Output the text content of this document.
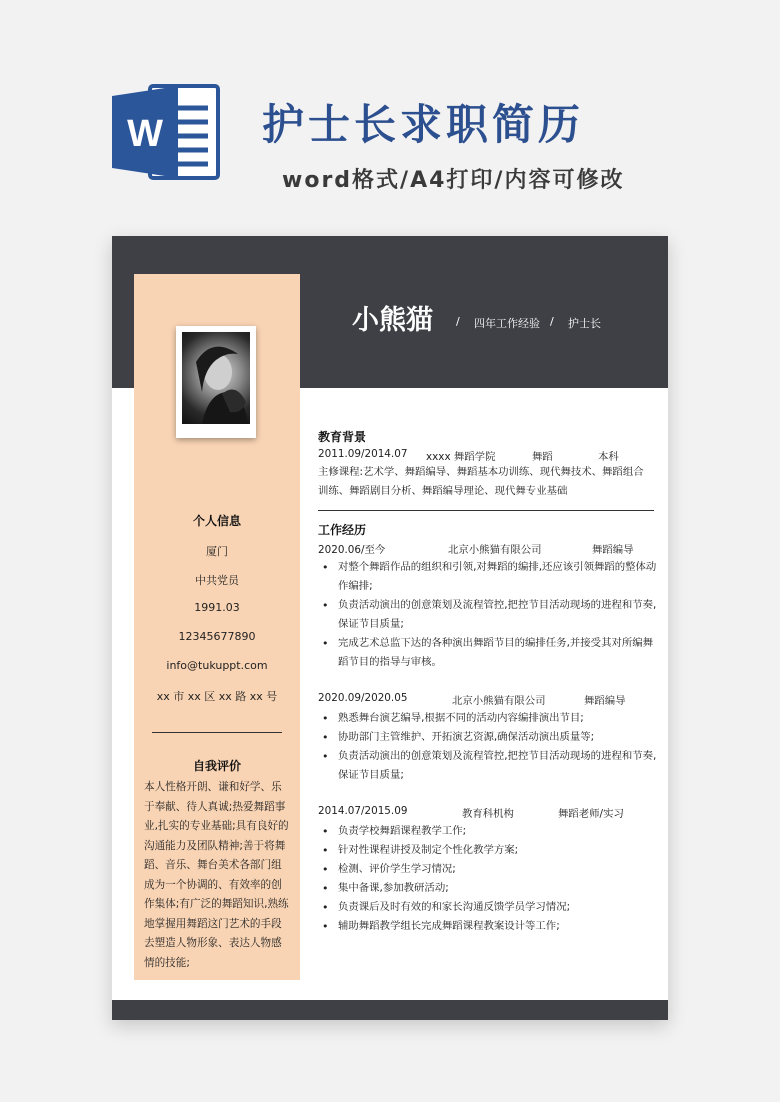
W 护士长求职简历
word格式/A4打印/内容可修改
小熊猫 / 四年工作经验 / 护士长
个人信息
厦门
中共党员
1991.03
12345677890
info@tukuppt.com
xx 市 xx 区 xx 路 xx 号
自我评价
本人性格开朗、谦和好学、乐于奉献、待人真诚;热爱舞蹈事业,扎实的专业基础;具有良好的沟通能力及团队精神;善于将舞蹈、音乐、舞台美术各部门组成为一个协调的、有效率的创作集体;有广泛的舞蹈知识,熟练地掌握用舞蹈这门艺术的手段去塑造人物形象、表达人物感情的技能;
教育背景
2011.09/2014.07 xxxx 舞蹈学院	舞蹈	本科
主修课程:艺术学、舞蹈编导、舞蹈基本功训练、现代舞技术、舞蹈组合训练、舞蹈剧目分析、舞蹈编导理论、现代舞专业基础
工作经历
2020.06/至今	北京小熊猫有限公司	舞蹈编导
• 对整个舞蹈作品的组织和引领,对舞蹈的编排,还应该引领舞蹈的整体动作编排;
• 负责活动演出的创意策划及流程管控,把控节目活动现场的进程和节奏,保证节目质量;
• 完成艺术总监下达的各种演出舞蹈节目的编排任务,并接受其对所编舞蹈节目的指导与审核。
2020.09/2020.05	北京小熊猫有限公司	舞蹈编导
• 熟悉舞台演艺编导,根据不同的活动内容编排演出节目;
• 协助部门主管维护、开拓演艺资源,确保活动演出质量等;
• 负责活动演出的创意策划及流程管控,把控节目活动现场的进程和节奏,保证节目质量;
2014.07/2015.09	教育科机构	舞蹈老师/实习
• 负责学校舞蹈课程教学工作;
• 针对性课程讲授及制定个性化教学方案;
• 检测、评价学生学习情况;
• 集中备课,参加教研活动;
• 负责课后及时有效的和家长沟通反馈学员学习情况;
• 辅助舞蹈教学组长完成舞蹈课程教案设计等工作;
